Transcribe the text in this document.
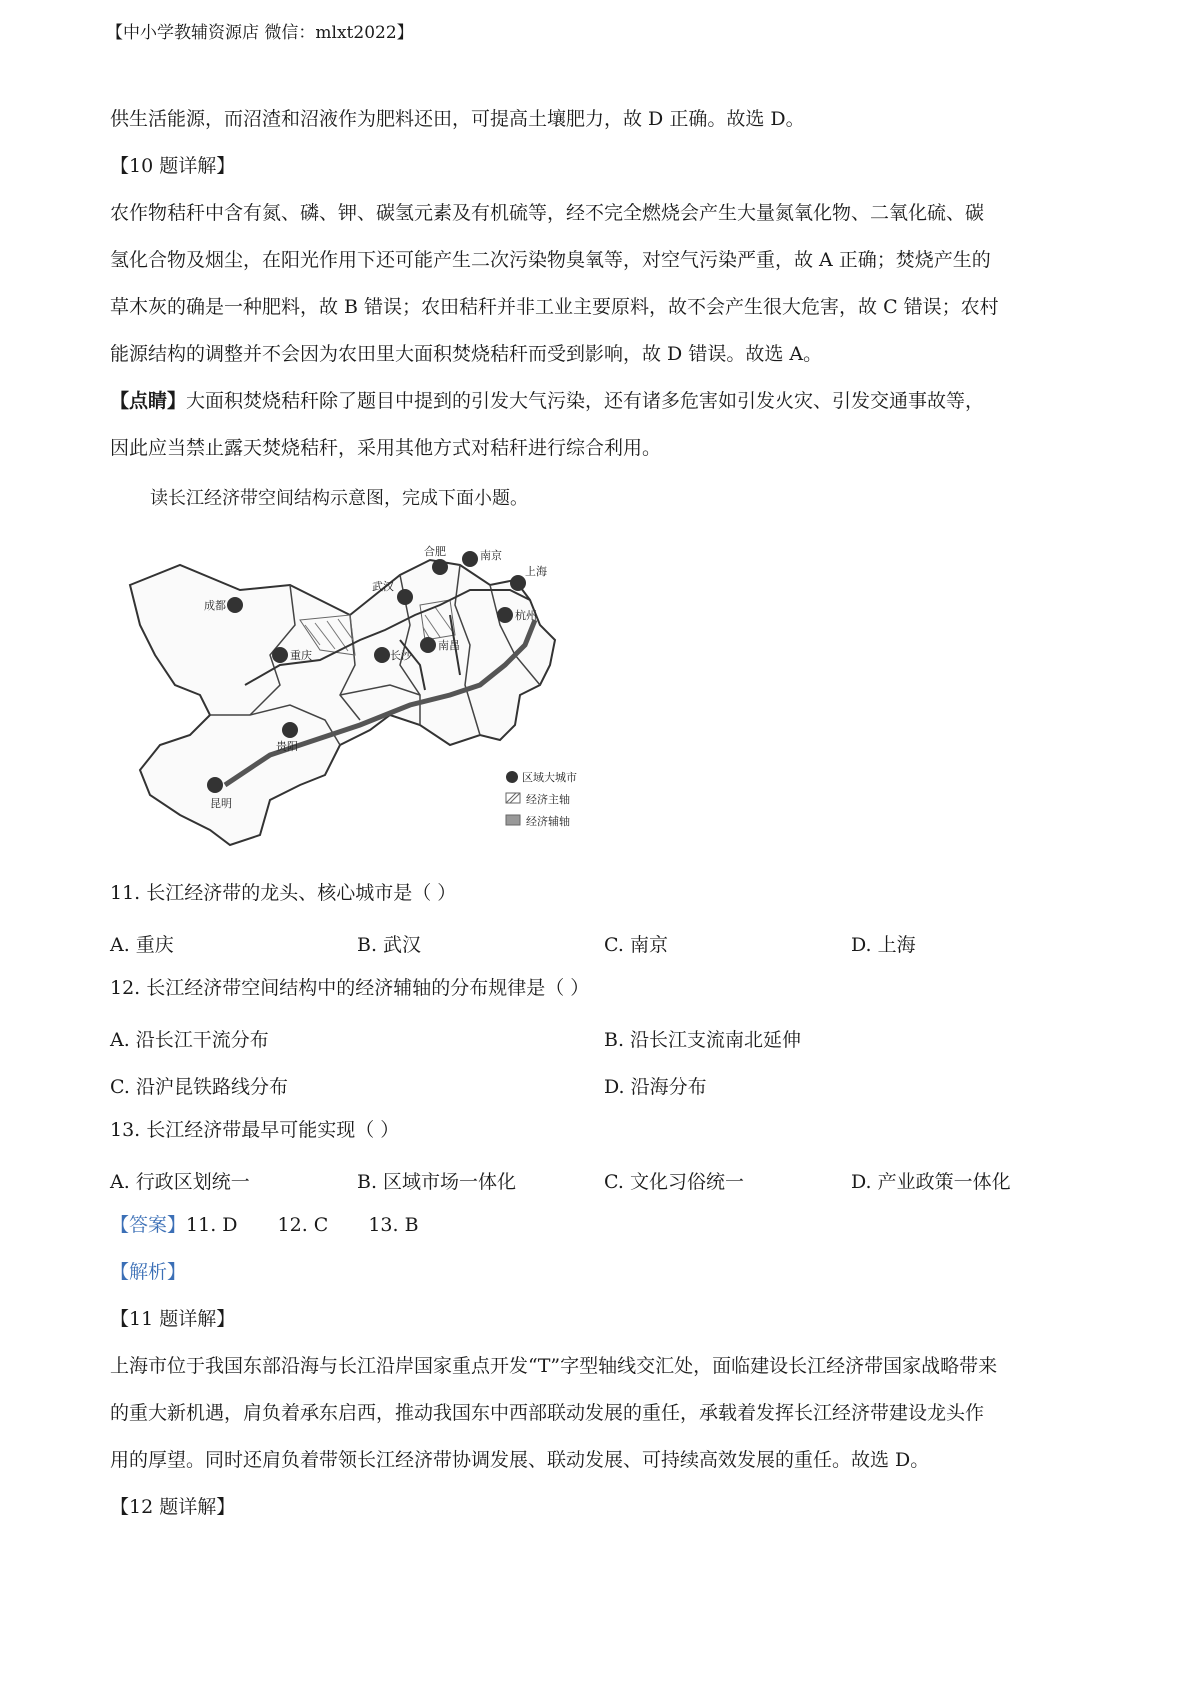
【中小学教辅资源店 微信：mlxt2022】
供生活能源，而沼渣和沼液作为肥料还田，可提高土壤肥力，故 D 正确。故选 D。
【10 题详解】
农作物秸秆中含有氮、磷、钾、碳氢元素及有机硫等，经不完全燃烧会产生大量氮氧化物、二氧化硫、碳
氢化合物及烟尘，在阳光作用下还可能产生二次污染物臭氧等，对空气污染严重，故 A 正确；焚烧产生的
草木灰的确是一种肥料，故 B 错误；农田秸秆并非工业主要原料，故不会产生很大危害，故 C 错误；农村
能源结构的调整并不会因为农田里大面积焚烧秸秆而受到影响，故 D 错误。故选 A。
【点睛】大面积焚烧秸秆除了题目中提到的引发大气污染，还有诸多危害如引发火灾、引发交通事故等，
因此应当禁止露天焚烧秸秆，采用其他方式对秸秆进行综合利用。
读长江经济带空间结构示意图，完成下面小题。
成都
重庆
武汉
长沙
南昌
合肥	南京
上海
杭州
贵阳
昆明
区域大城市
经济主轴
经济辅轴
11. 长江经济带的龙头、核心城市是（ ）
A. 重庆	B. 武汉	C. 南京	D. 上海
12. 长江经济带空间结构中的经济辅轴的分布规律是（ ）
A. 沿长江干流分布	B. 沿长江支流南北延伸
C. 沿沪昆铁路线分布	D. 沿海分布
13. 长江经济带最早可能实现（ ）
A. 行政区划统一	B. 区域市场一体化	C. 文化习俗统一	D. 产业政策一体化
【答案】11. D 12. C 13. B
【解析】
【11 题详解】
上海市位于我国东部沿海与长江沿岸国家重点开发“T”字型轴线交汇处，面临建设长江经济带国家战略带来
的重大新机遇，肩负着承东启西，推动我国东中西部联动发展的重任，承载着发挥长江经济带建设龙头作
用的厚望。同时还肩负着带领长江经济带协调发展、联动发展、可持续高效发展的重任。故选 D。
【12 题详解】
